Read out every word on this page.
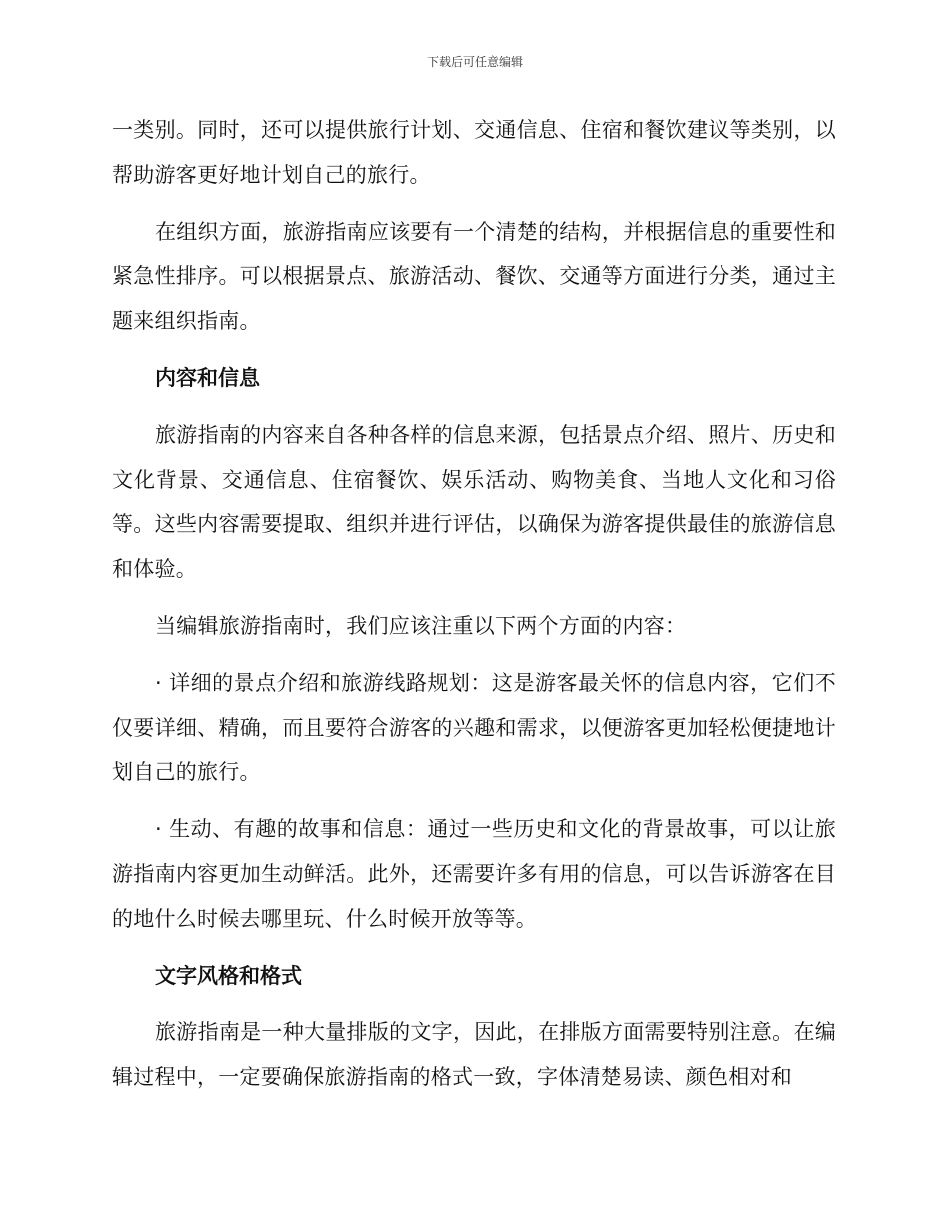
下载后可任意编辑

一类别。同时，还可以提供旅行计划、交通信息、住宿和餐饮建议等类别，以帮助游客更好地计划自己的旅行。

在组织方面，旅游指南应该要有一个清楚的结构，并根据信息的重要性和紧急性排序。可以根据景点、旅游活动、餐饮、交通等方面进行分类，通过主题来组织指南。

内容和信息

旅游指南的内容来自各种各样的信息来源，包括景点介绍、照片、历史和文化背景、交通信息、住宿餐饮、娱乐活动、购物美食、当地人文化和习俗等。这些内容需要提取、组织并进行评估，以确保为游客提供最佳的旅游信息和体验。

当编辑旅游指南时，我们应该注重以下两个方面的内容：

· 详细的景点介绍和旅游线路规划：这是游客最关怀的信息内容，它们不仅要详细、精确，而且要符合游客的兴趣和需求，以便游客更加轻松便捷地计划自己的旅行。

· 生动、有趣的故事和信息：通过一些历史和文化的背景故事，可以让旅游指南内容更加生动鲜活。此外，还需要许多有用的信息，可以告诉游客在目的地什么时候去哪里玩、什么时候开放等等。

文字风格和格式

旅游指南是一种大量排版的文字，因此，在排版方面需要特别注意。在编辑过程中，一定要确保旅游指南的格式一致，字体清楚易读、颜色相对和
